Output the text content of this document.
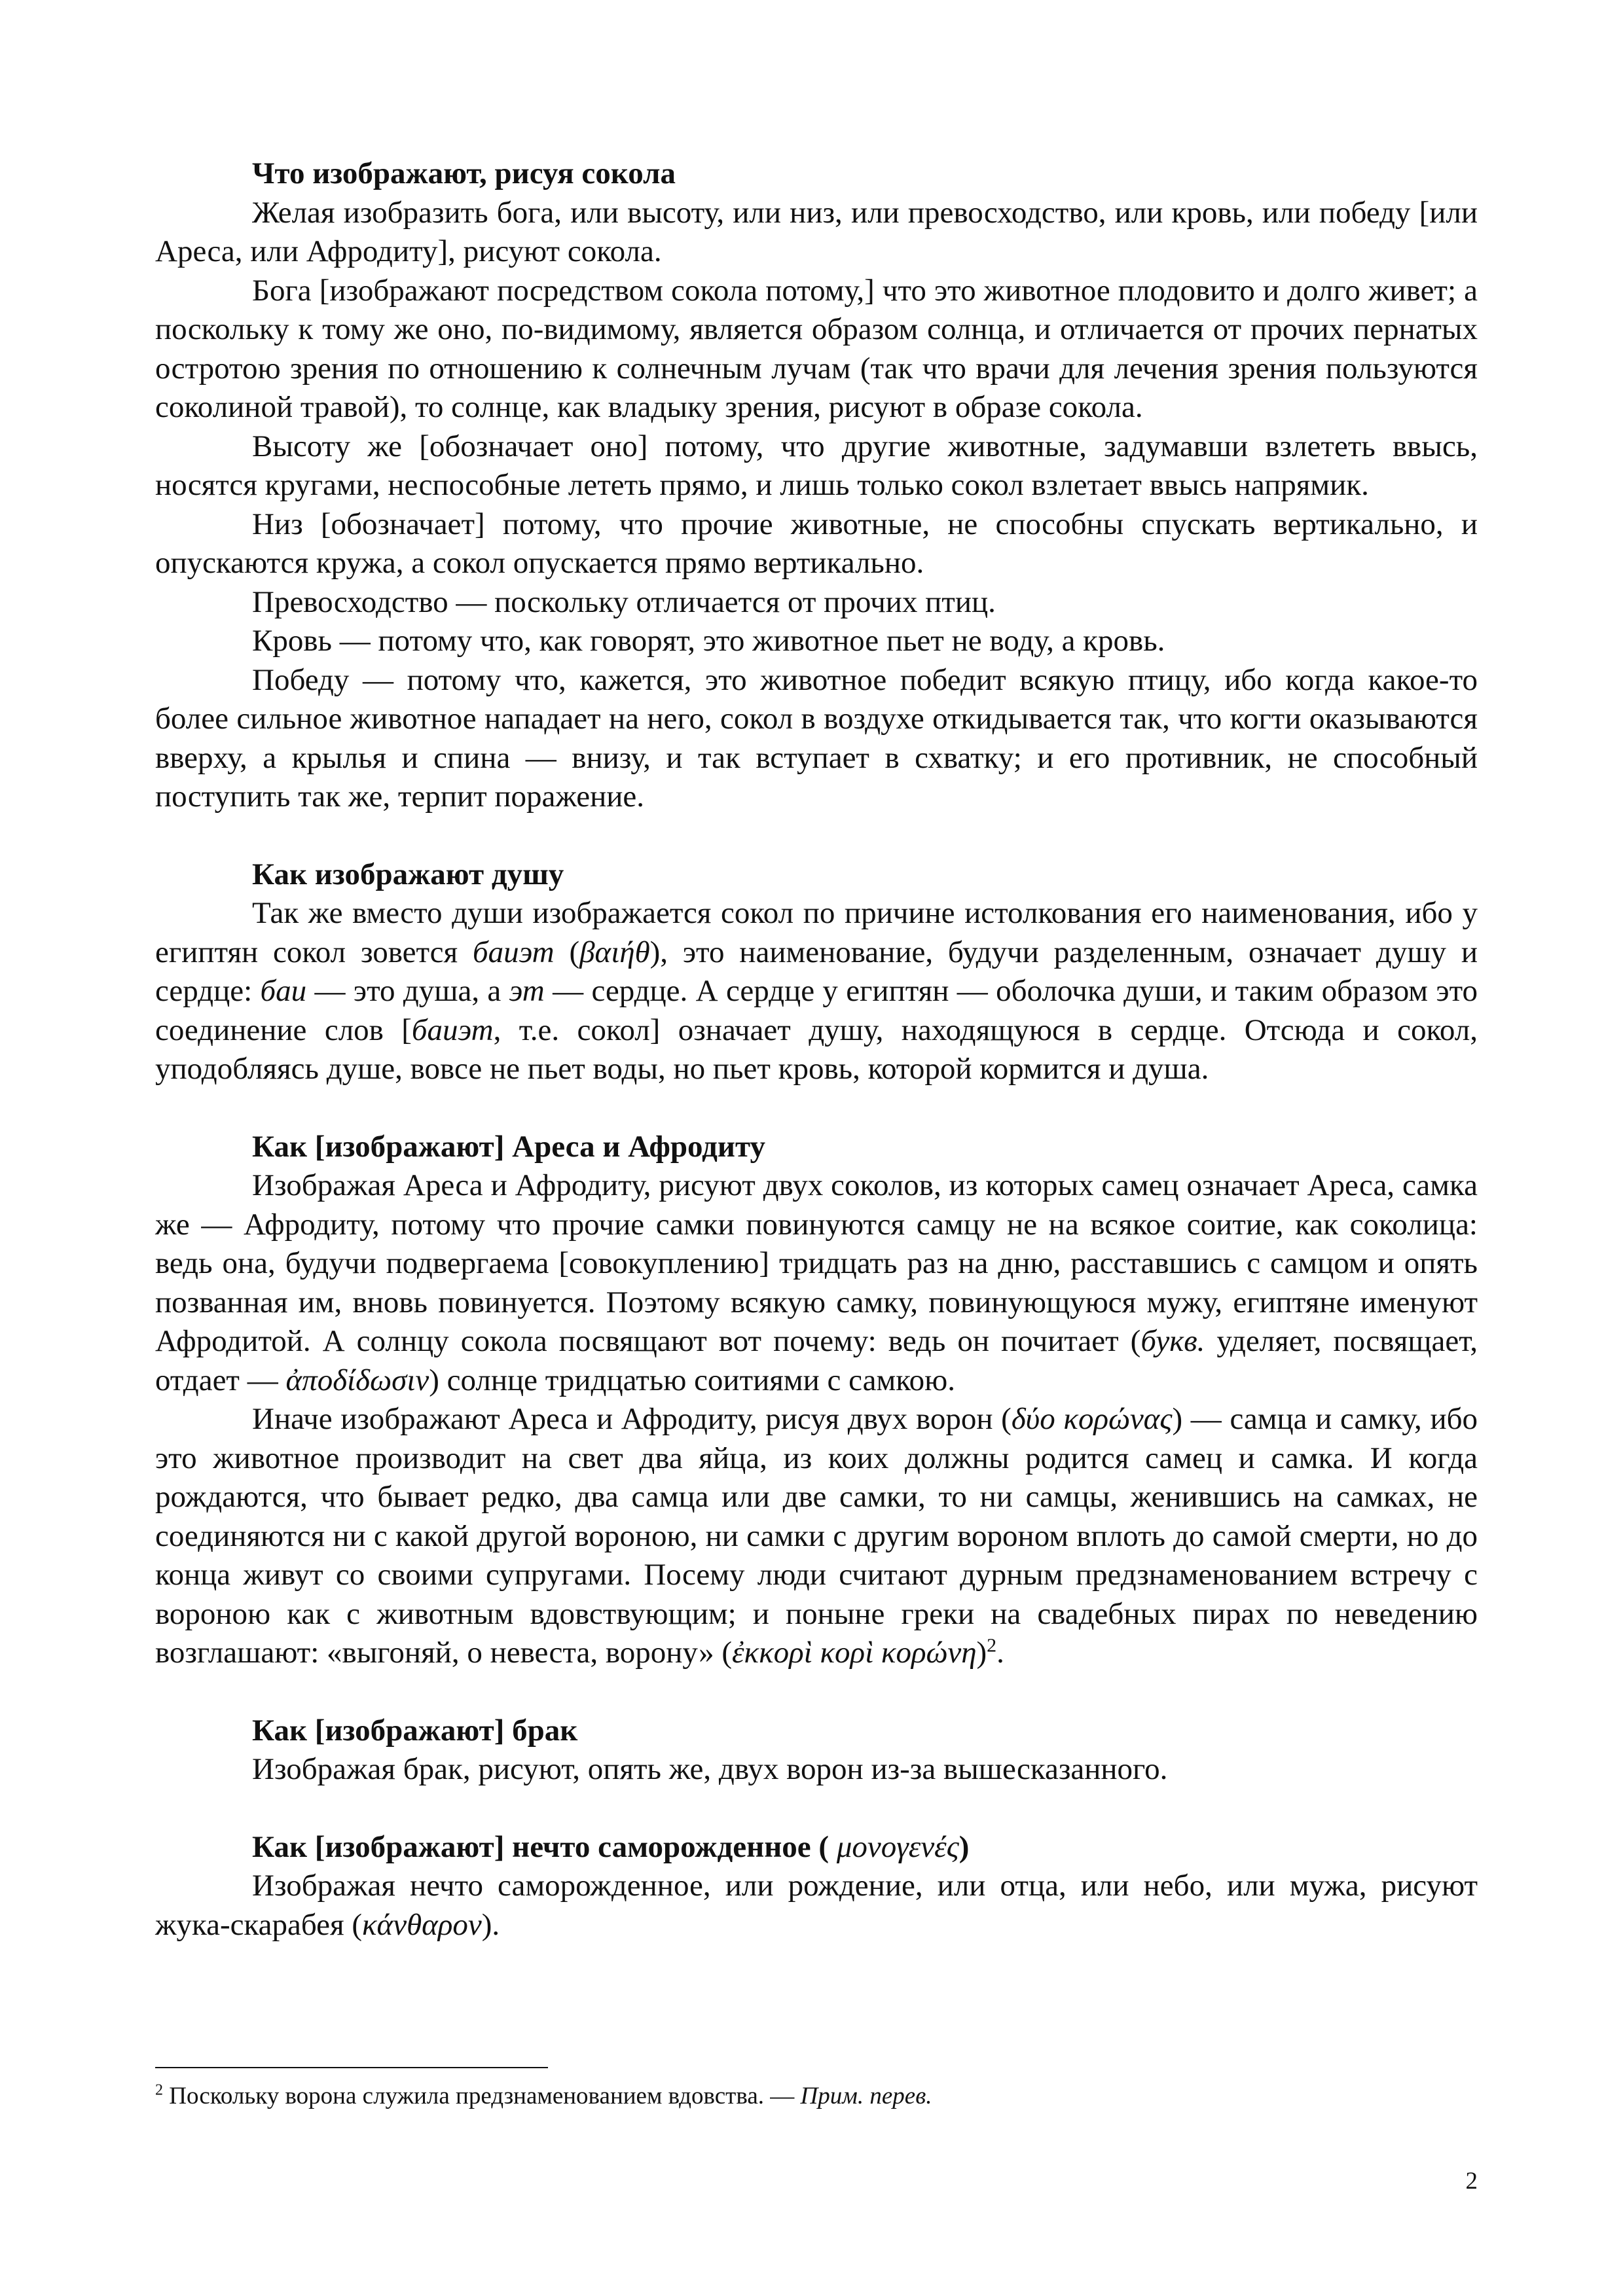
Что изображают, рисуя сокола

Желая изобразить бога, или высоту, или низ, или превосходство, или кровь, или победу [или Ареса, или Афродиту], рисуют сокола.

Бога [изображают посредством сокола потому,] что это животное плодовито и долго живет; а поскольку к тому же оно, по-видимому, является образом солнца, и отличается от прочих пернатых остротою зрения по отношению к солнечным лучам (так что врачи для лечения зрения пользуются соколиной травой), то солнце, как владыку зрения, рисуют в образе сокола.

Высоту же [обозначает оно] потому, что другие животные, задумавши взлететь ввысь, носятся кругами, неспособные лететь прямо, и лишь только сокол взлетает ввысь напрямик.

Низ [обозначает] потому, что прочие животные, не способны спускать вертикально, и опускаются кружа, а сокол опускается прямо вертикально.

Превосходство — поскольку отличается от прочих птиц.

Кровь — потому что, как говорят, это животное пьет не воду, а кровь.

Победу — потому что, кажется, это животное победит всякую птицу, ибо когда какое-то более сильное животное нападает на него, сокол в воздухе откидывается так, что когти оказываются вверху, а крылья и спина — внизу, и так вступает в схватку; и его противник, не способный поступить так же, терпит поражение.

Как изображают душу

Так же вместо души изображается сокол по причине истолкования его наименования, ибо у египтян сокол зовется баиэт (βαιήθ), это наименование, будучи разделенным, означает душу и сердце: баи — это душа, а эт — сердце. А сердце у египтян — оболочка души, и таким образом это соединение слов [баиэт, т.е. сокол] означает душу, находящуюся в сердце. Отсюда и сокол, уподобляясь душе, вовсе не пьет воды, но пьет кровь, которой кормится и душа.

Как [изображают] Ареса и Афродиту

Изображая Ареса и Афродиту, рисуют двух соколов, из которых самец означает Ареса, самка же — Афродиту, потому что прочие самки повинуются самцу не на всякое соитие, как соколица: ведь она, будучи подвергаема [совокуплению] тридцать раз на дню, расставшись с самцом и опять позванная им, вновь повинуется. Поэтому всякую самку, повинующуюся мужу, египтяне именуют Афродитой. А солнцу сокола посвящают вот почему: ведь он почитает (букв. уделяет, посвящает, отдает — ἀποδίδωσιν) солнце тридцатью соитиями с самкою.

Иначе изображают Ареса и Афродиту, рисуя двух ворон (δύο κορώνας) — самца и самку, ибо это животное производит на свет два яйца, из коих должны родится самец и самка. И когда рождаются, что бывает редко, два самца или две самки, то ни самцы, женившись на самках, не соединяются ни с какой другой вороною, ни самки с другим вороном вплоть до самой смерти, но до конца живут со своими супругами. Посему люди считают дурным предзнаменованием встречу с вороною как с животным вдовствующим; и поныне греки на свадебных пирах по неведению возглашают: «выгоняй, о невеста, ворону» (ἐκκορὶ κορὶ κορώνη)$^2$.

Как [изображают] брак

Изображая брак, рисуют, опять же, двух ворон из-за вышесказанного.

Как [изображают] нечто саморожденное ( μονογενές)

Изображая нечто саморожденное, или рождение, или отца, или небо, или мужа, рисуют жука-скарабея (κάνθαρον).

$^2$ Поскольку ворона служила предзнаменованием вдовства. — Прим. перев.
2
